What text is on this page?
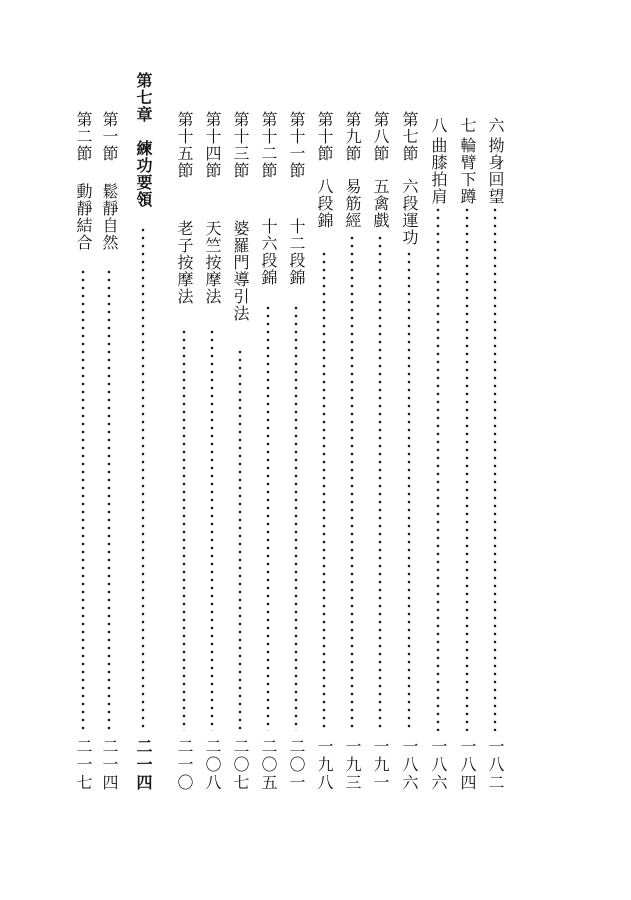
六
拗身回望
一八二
七
輪臂下蹲
一八四
八
曲膝拍肩
一八六
第七節
六段運功
一八六
第八節
五禽戲
一九一
第九節
易筋經
一九三
第十節
八段錦
一九八
第十一節
十二段錦
二〇一
第十二節
十六段錦
二〇五
第十三節
婆羅門導引法
二〇七
第十四節
天竺按摩法
二〇八
第十五節
老子按摩法
二一〇
第七章
練功要領
二一四
第一節
鬆靜自然
二一四
第二節
動靜結合
二一七
